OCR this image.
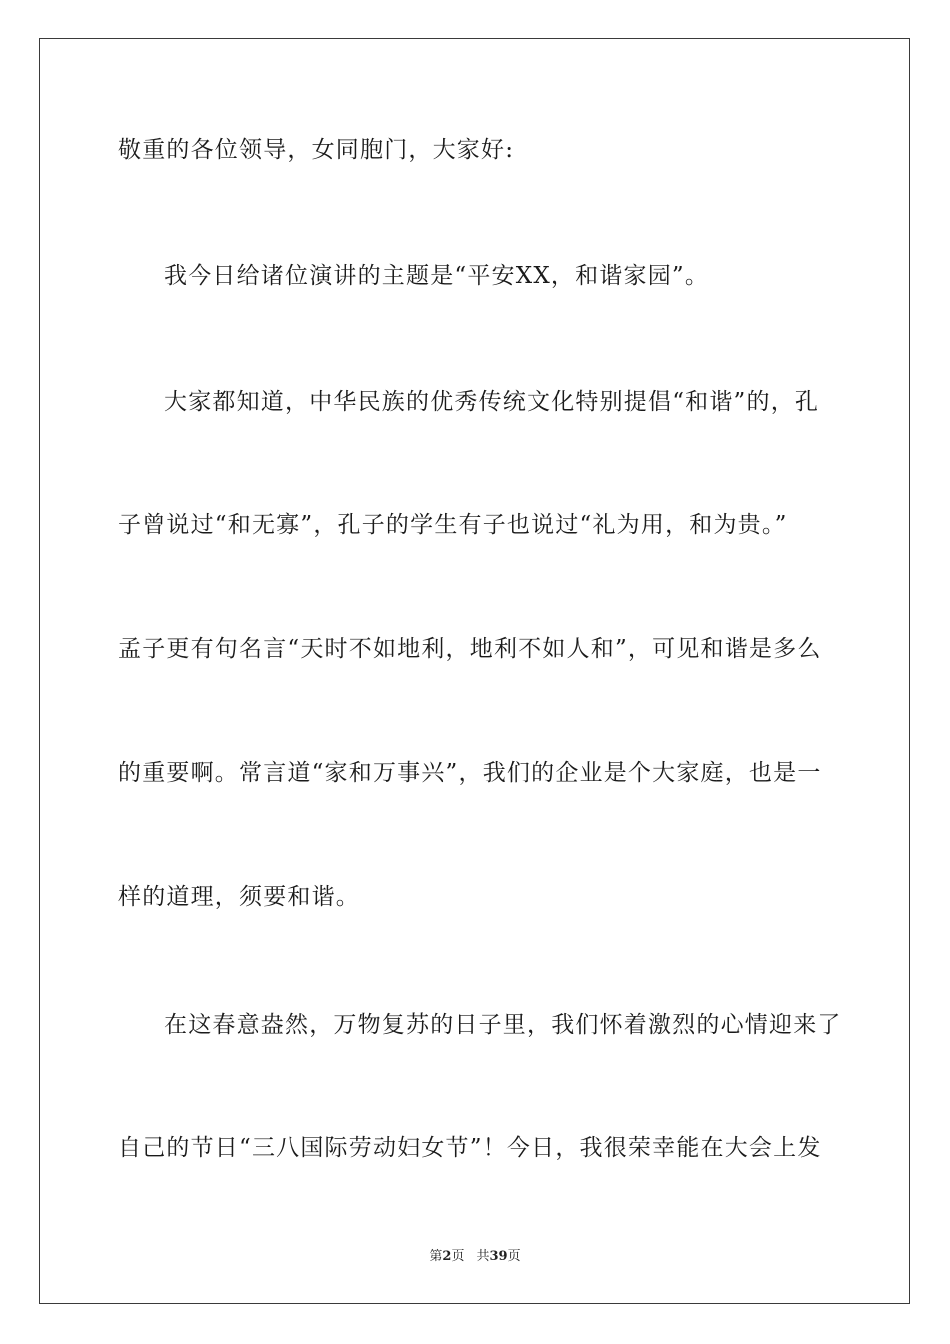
敬重的各位领导，女同胞门，大家好:
我今日给诸位演讲的主题是“平安XX，和谐家园”。
大家都知道，中华民族的优秀传统文化特别提倡“和谐”的，孔
子曾说过“和无寡”，孔子的学生有子也说过“礼为用，和为贵。”
孟子更有句名言“天时不如地利，地利不如人和”，可见和谐是多么
的重要啊。常言道“家和万事兴”，我们的企业是个大家庭，也是一
样的道理，须要和谐。
在这春意盎然，万物复苏的日子里，我们怀着激烈的心情迎来了
自己的节日“三八国际劳动妇女节”！今日，我很荣幸能在大会上发
第2页 共39页
